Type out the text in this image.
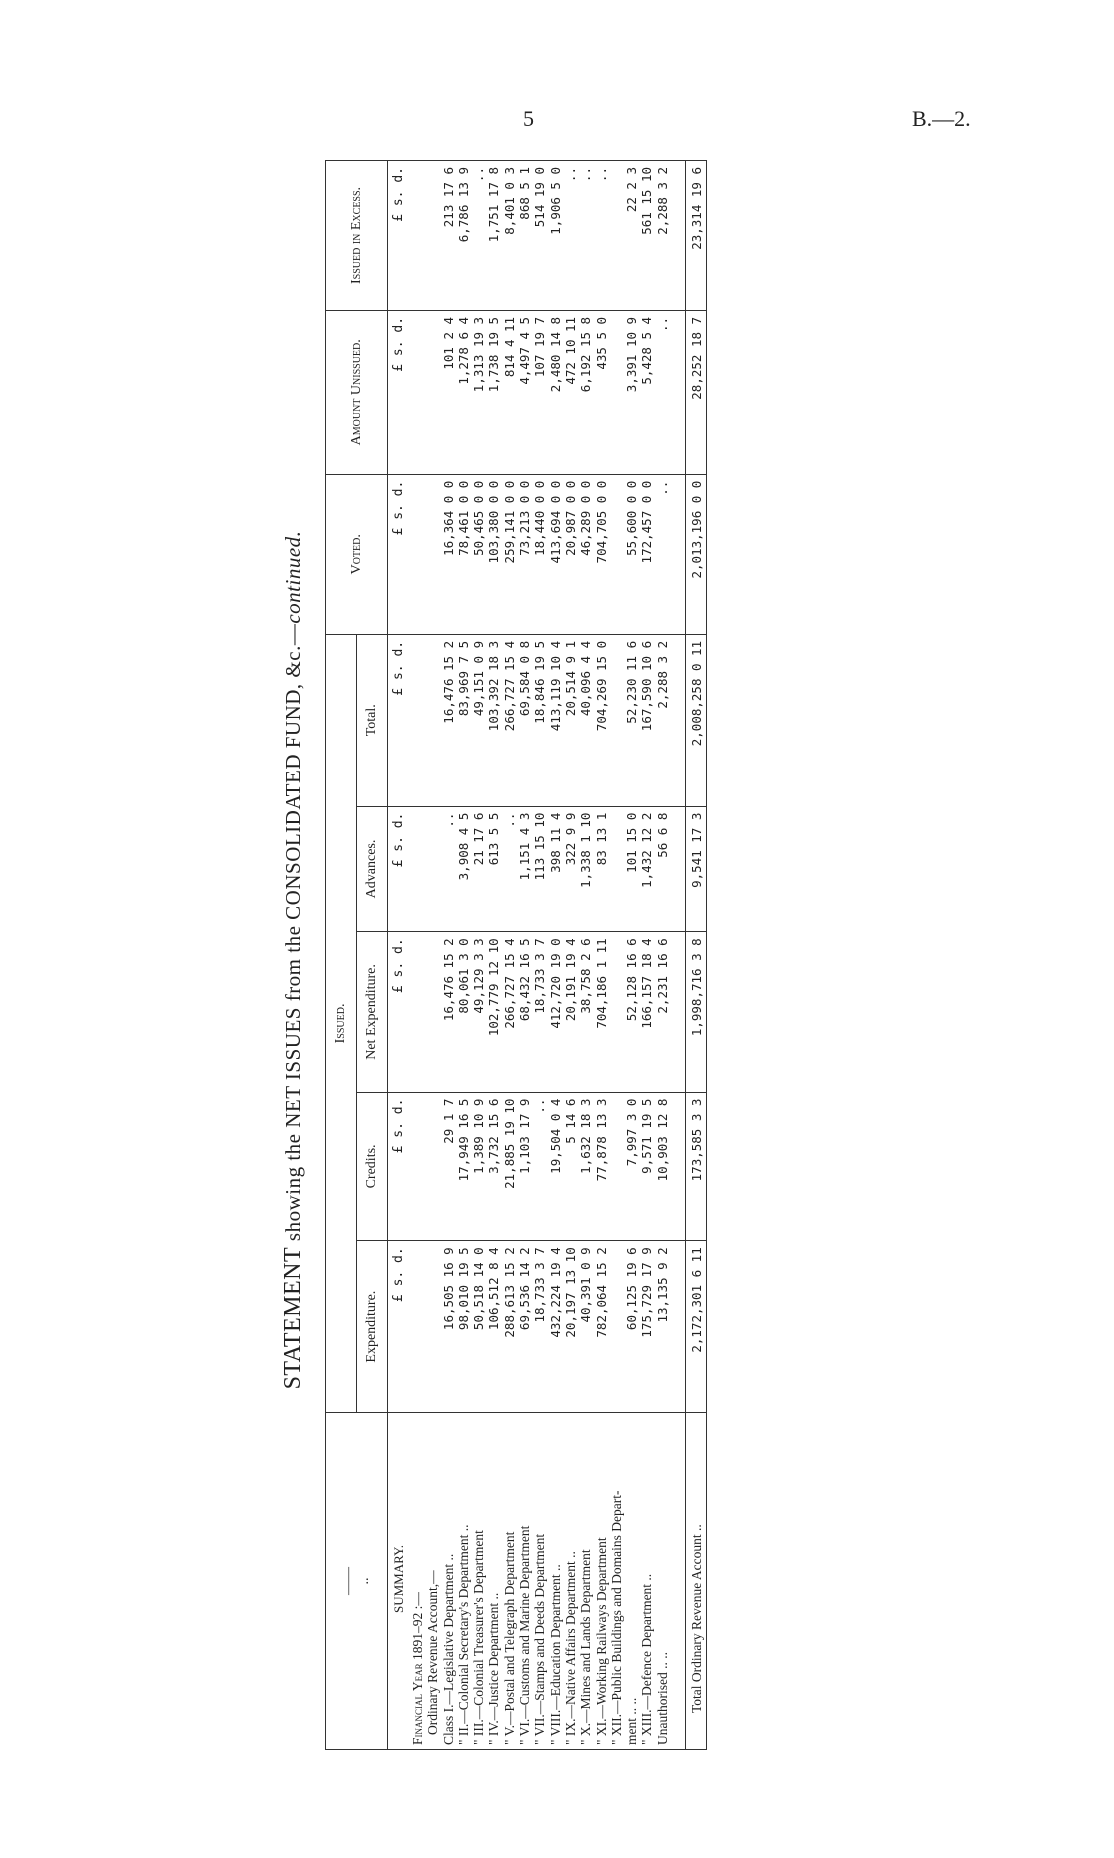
5	B.—2.
STATEMENT showing the NET ISSUES from the CONSOLIDATED FUND, &c.—continued.
——
..	Issued.					Voted.	Amount Unissued.	Issued in Excess.
	Expenditure.	Credits.	Net Expenditure.	Advances.	Total.			
SUMMARY.	£ s. d.	£ s. d.	£ s. d.	£ s. d.	£ s. d.	£ s. d.	£ s. d.	£ s. d.
Financial Year 1891–92 :—								
Ordinary Revenue Account,—								
Class I.—Legislative Department ..	16,505 16 9	29 1 7	16,476 15 2	..	16,476 15 2	16,364 0 0	101 2 4	213 17 6
" II.—Colonial Secretary's Department ..	98,010 19 5	17,949 16 5	80,061 3 0	3,908 4 5	83,969 7 5	78,461 0 0	1,278 6 4	6,786 13 9
" III.—Colonial Treasurer's Department	50,518 14 0	1,389 10 9	49,129 3 3	21 17 6	49,151 0 9	50,465 0 0	1,313 19 3	..
" IV.—Justice Department ..	106,512 8 4	3,732 15 6	102,779 12 10	613 5 5	103,392 18 3	103,380 0 0	1,738 19 5	1,751 17 8
" V.—Postal and Telegraph Department	288,613 15 2	21,885 19 10	266,727 15 4	..	266,727 15 4	259,141 0 0	814 4 11	8,401 0 3
" VI.—Customs and Marine Department	69,536 14 2	1,103 17 9	68,432 16 5	1,151 4 3	69,584 0 8	73,213 0 0	4,497 4 5	868 5 1
" VII.—Stamps and Deeds Department	18,733 3 7	..	18,733 3 7	113 15 10	18,846 19 5	18,440 0 0	107 19 7	514 19 0
" VIII.—Education Department ..	432,224 19 4	19,504 0 4	412,720 19 0	398 11 4	413,119 10 4	413,694 0 0	2,480 14 8	1,906 5 0
" IX.—Native Affairs Department ..	20,197 13 10	5 14 6	20,191 19 4	322 9 9	20,514 9 1	20,987 0 0	472 10 11	..
" X.—Mines and Lands Department	40,391 0 9	1,632 18 3	38,758 2 6	1,338 1 10	40,096 4 4	46,289 0 0	6,192 15 8	..
" XI.—Working Railways Department	782,064 15 2	77,878 13 3	704,186 1 11	83 13 1	704,269 15 0	704,705 0 0	435 5 0	..
" XII.—Public Buildings and Domains Depart-								
ment .. ..	60,125 19 6	7,997 3 0	52,128 16 6	101 15 0	52,230 11 6	55,600 0 0	3,391 10 9	22 2 3
" XIII.—Defence Department ..	175,729 17 9	9,571 19 5	166,157 18 4	1,432 12 2	167,590 10 6	172,457 0 0	5,428 5 4	561 15 10
Unauthorised .. ..	13,135 9 2	10,903 12 8	2,231 16 6	56 6 8	2,288 3 2	..	..	2,288 3 2

Total Ordinary Revenue Account ..	2,172,301 6 11	173,585 3 3	1,998,716 3 8	9,541 17 3	2,008,258 0 11	2,013,196 0 0	28,252 18 7	23,314 19 6
